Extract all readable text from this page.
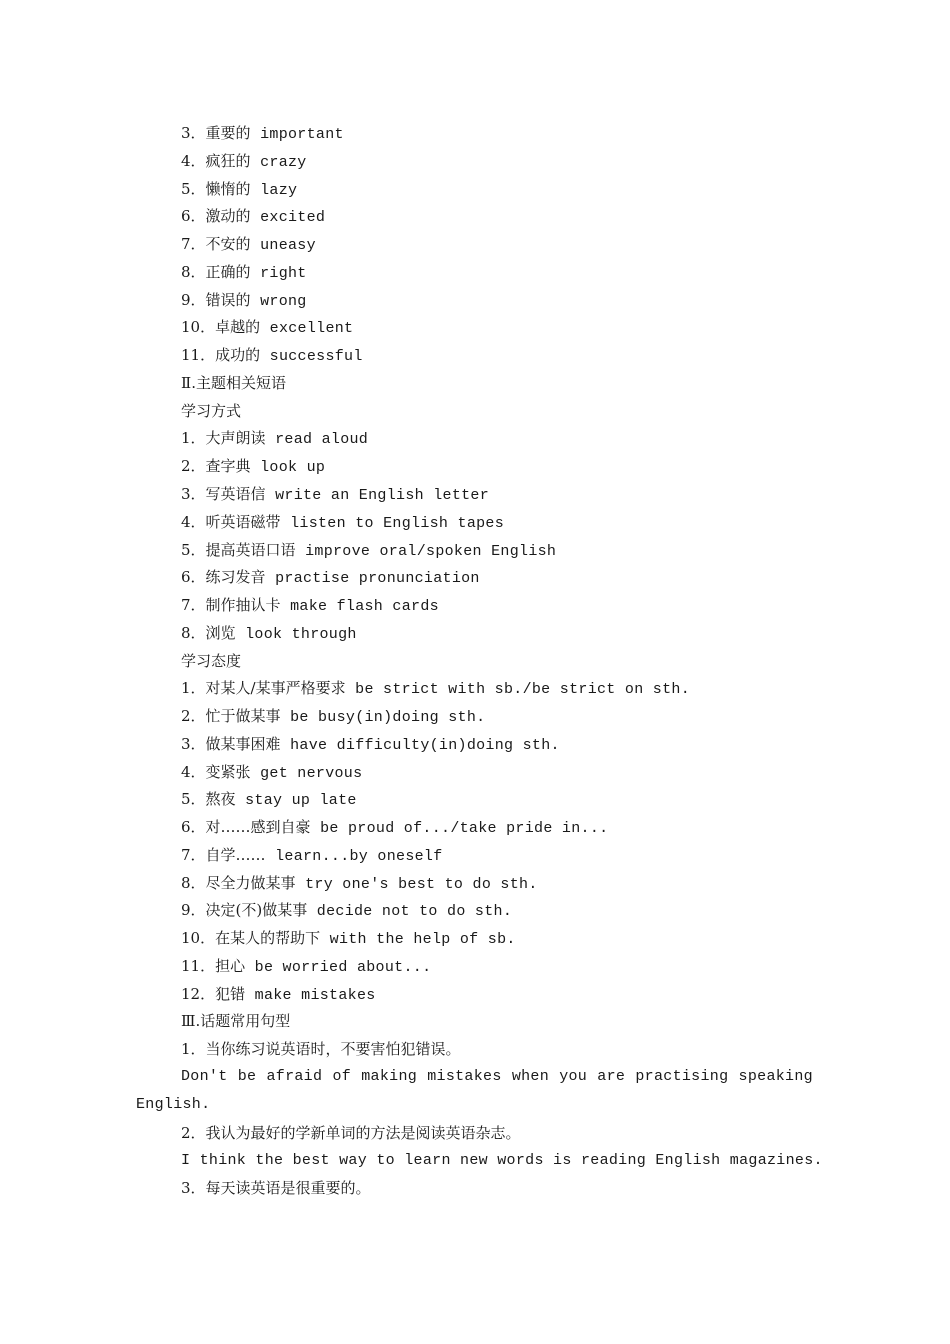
3．重要的 important
4．疯狂的 crazy
5．懒惰的 lazy
6．激动的 excited
7．不安的 uneasy
8．正确的 right
9．错误的 wrong
10．卓越的 excellent
11．成功的 successful
Ⅱ.主题相关短语
学习方式
1．大声朗读 read aloud
2．查字典 look up
3．写英语信 write an English letter
4．听英语磁带 listen to English tapes
5．提高英语口语 improve oral/spoken English
6．练习发音 practise pronunciation
7．制作抽认卡 make flash cards
8．浏览 look through
学习态度
1．对某人/某事严格要求 be strict with sb./be strict on sth.
2．忙于做某事 be busy(in)doing sth.
3．做某事困难 have difficulty(in)doing sth.
4．变紧张 get nervous
5．熬夜 stay up late
6．对……感到自豪 be proud of.../take pride in...
7．自学…… learn...by oneself
8．尽全力做某事 try one's best to do sth.
9．决定(不)做某事 decide not to do sth.
10．在某人的帮助下 with the help of sb.
11．担心 be worried about...
12．犯错 make mistakes
Ⅲ.话题常用句型
1．当你练习说英语时，不要害怕犯错误。
Don't be afraid of making mistakes when you are practising speaking
English.
2．我认为最好的学新单词的方法是阅读英语杂志。
I think the best way to learn new words is reading English magazines.
3．每天读英语是很重要的。
